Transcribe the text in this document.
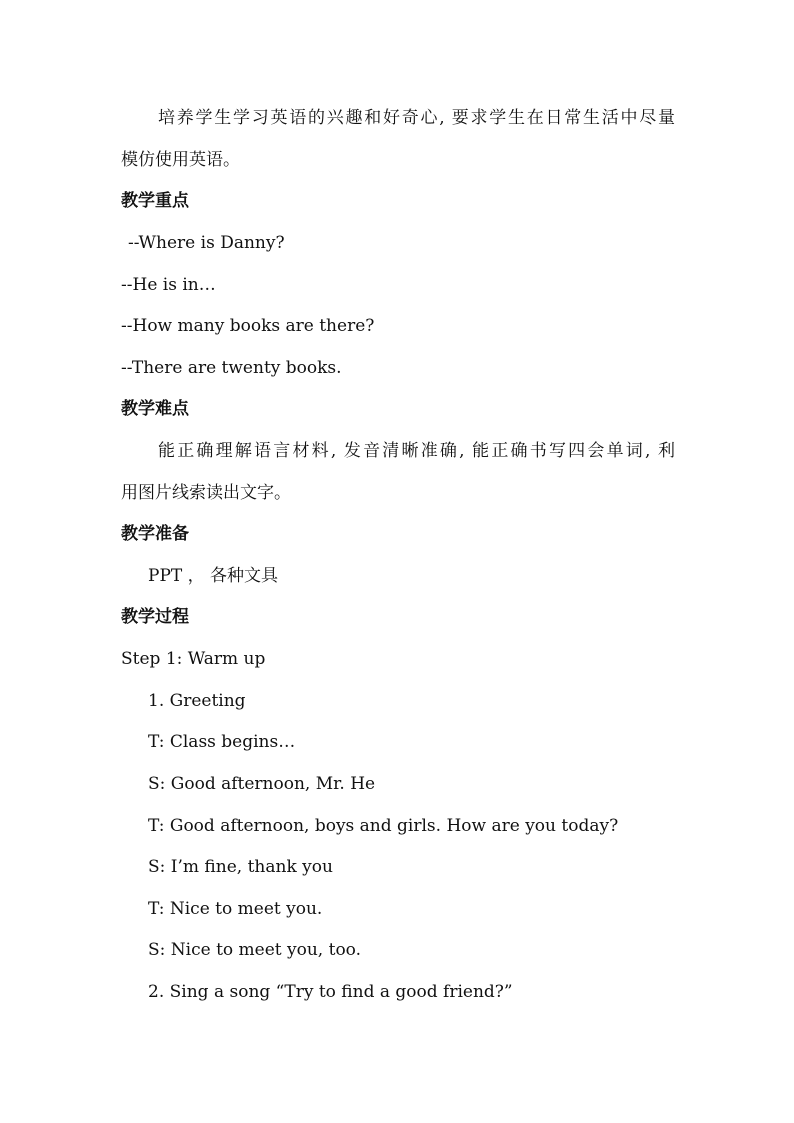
培养学生学习英语的兴趣和好奇心, 要求学生在日常生活中尽量
模仿使用英语。
教学重点
--Where is Danny?
--He is in…
--How many books are there?
--There are twenty books.
教学难点
能正确理解语言材料, 发音清晰准确, 能正确书写四会单词, 利
用图片线索读出文字。
教学准备
PPT ， 各种文具
教学过程
Step 1: Warm up
1. Greeting
T: Class begins…
S: Good afternoon, Mr. He
T: Good afternoon, boys and girls. How are you today?
S: I’m fine, thank you
T: Nice to meet you.
S: Nice to meet you, too.
2. Sing a song “Try to find a good friend?”
